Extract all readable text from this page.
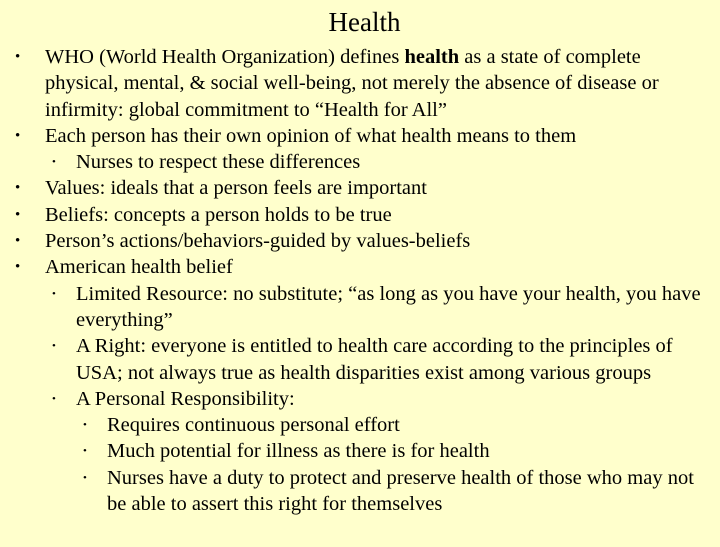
Health
• WHO (World Health Organization) defines health as a state of complete physical, mental, & social well-being, not merely the absence of disease or infirmity: global commitment to “Health for All”
• Each person has their own opinion of what health means to them
• Nurses to respect these differences
• Values: ideals that a person feels are important
• Beliefs: concepts a person holds to be true
• Person’s actions/behaviors-guided by values-beliefs
• American health belief
• Limited Resource: no substitute; “as long as you have your health, you have everything”
• A Right: everyone is entitled to health care according to the principles of USA; not always true as health disparities exist among various groups
• A Personal Responsibility:
• Requires continuous personal effort
• Much potential for illness as there is for health
• Nurses have a duty to protect and preserve health of those who may not be able to assert this right for themselves
